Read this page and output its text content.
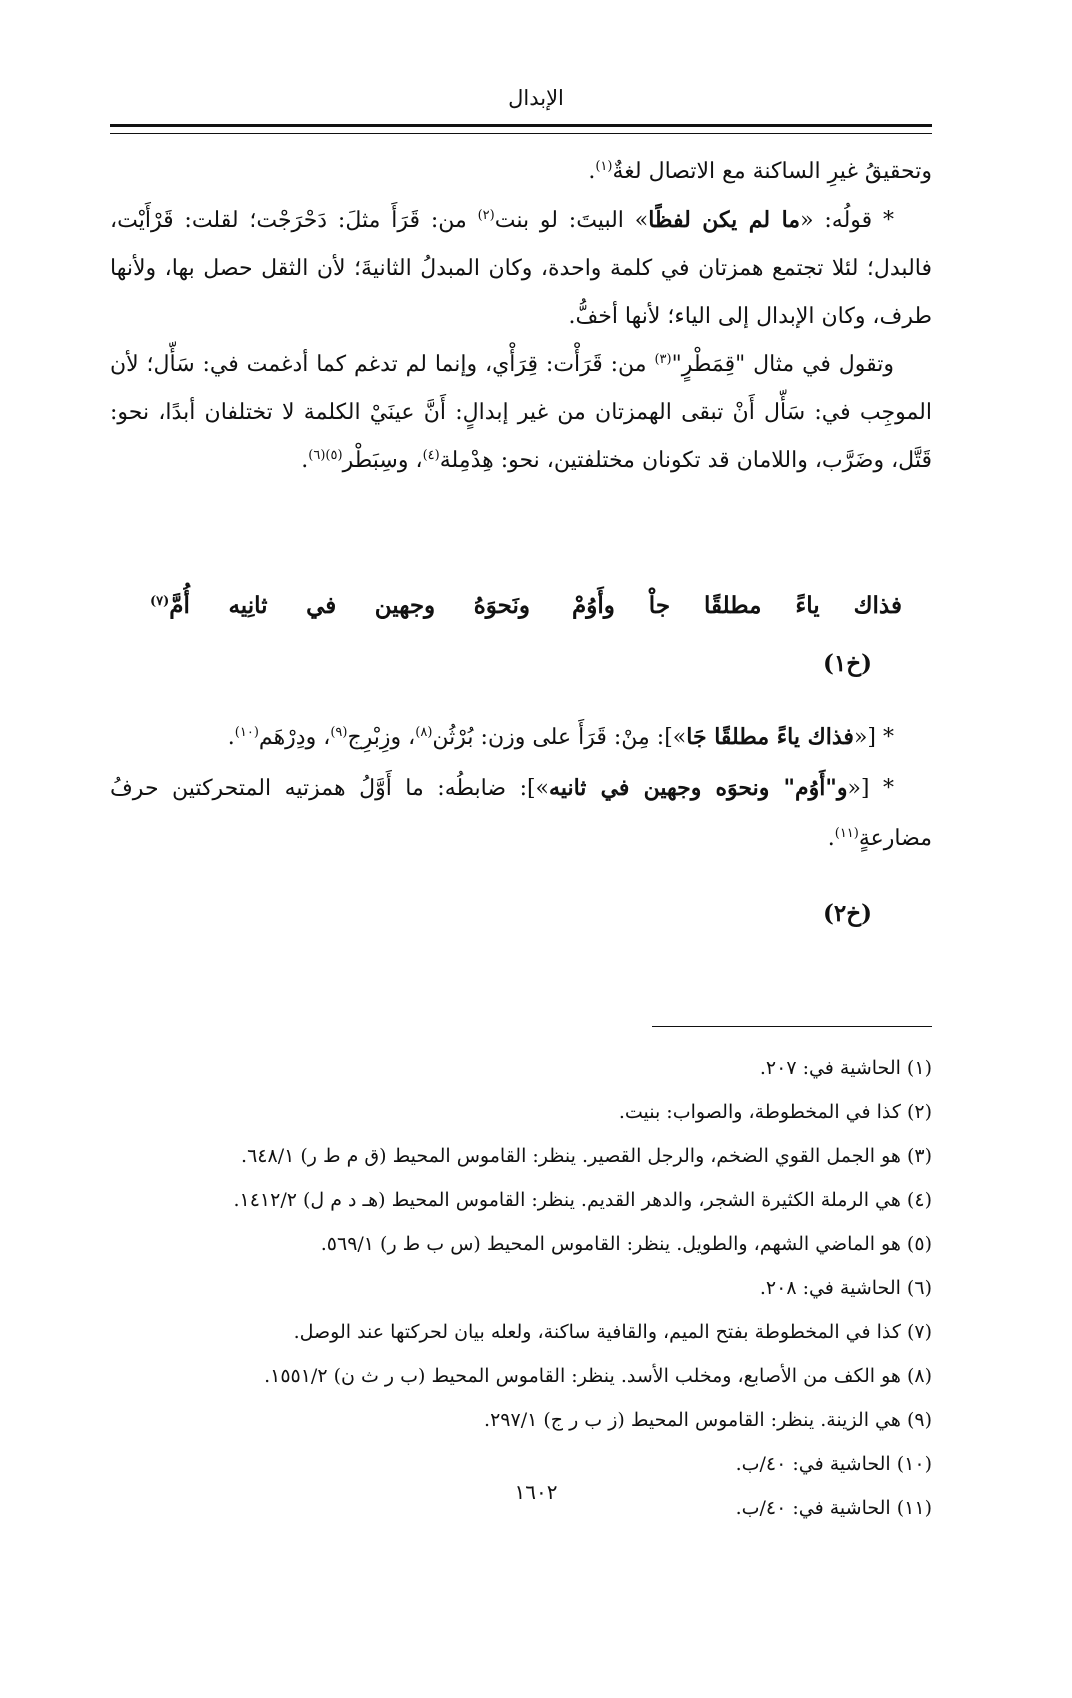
الإبدال

وتحقيقُ غيرِ الساكنة مع الاتصال لغةٌ$^{(١)}$.

* قولُه: «ما لم يكن لفظًا» البيتَ: لو بنت$^{(٢)}$ من: قَرَأَ مثلَ: دَحْرَجْت؛ لقلت: قَرْأَيْت، فالبدل؛ لئلا تجتمع همزتان في كلمة واحدة، وكان المبدلُ الثانيةَ؛ لأن الثقل حصل بها، ولأنها طرف، وكان الإبدال إلى الياء؛ لأنها أخفُّ.

وتقول في مثال "قِمَطْرٍ"$^{(٣)}$ من: قَرَأْت: قِرَأْي، وإنما لم تدغم كما أدغمت في: سَأّل؛ لأن الموجِب في: سَأّل أَنْ تبقى الهمزتان من غير إبدالٍ: أَنَّ عينَيْ الكلمة لا تختلفان أبدًا، نحو: قَتَّل، وضَرَّب، واللامان قد تكونان مختلفتين، نحو: هِدْمِلة$^{(٤)}$، وسِبَطْر$^{(٥)(٦)}$.

فذاك ياءً مطلقًا جاْ وأَوُمْ
ونَحوَهُ وجهين في ثانِيه أُمَّ$^{(٧)}$
(خ١)

* [«فذاك ياءً مطلقًا جَا»]: مِنْ: قَرَأَ على وزن: بُرْثُن$^{(٨)}$، وزِبْرِج$^{(٩)}$، ودِرْهَم$^{(١٠)}$.

* [«و"أَوُم" ونحوَه وجهين في ثانيه»]: ضابطُه: ما أَوَّلُ همزتيه المتحركتين حرفُ مضارعةٍ$^{(١١)}$.

(خ٢)
(١) الحاشية في: ٢٠٧.
(٢) كذا في المخطوطة، والصواب: بنيت.
(٣) هو الجمل القوي الضخم، والرجل القصير. ينظر: القاموس المحيط (ق م ط ر) ٦٤٨/١.
(٤) هي الرملة الكثيرة الشجر، والدهر القديم. ينظر: القاموس المحيط (هـ د م ل) ١٤١٢/٢.
(٥) هو الماضي الشهم، والطويل. ينظر: القاموس المحيط (س ب ط ر) ٥٦٩/١.
(٦) الحاشية في: ٢٠٨.
(٧) كذا في المخطوطة بفتح الميم، والقافية ساكنة، ولعله بيان لحركتها عند الوصل.
(٨) هو الكف من الأصابع، ومخلب الأسد. ينظر: القاموس المحيط (ب ر ث ن) ١٥٥١/٢.
(٩) هي الزينة. ينظر: القاموس المحيط (ز ب ر ج) ٢٩٧/١.
(١٠) الحاشية في: ٤٠/ب.
(١١) الحاشية في: ٤٠/ب.
١٦٠٢
